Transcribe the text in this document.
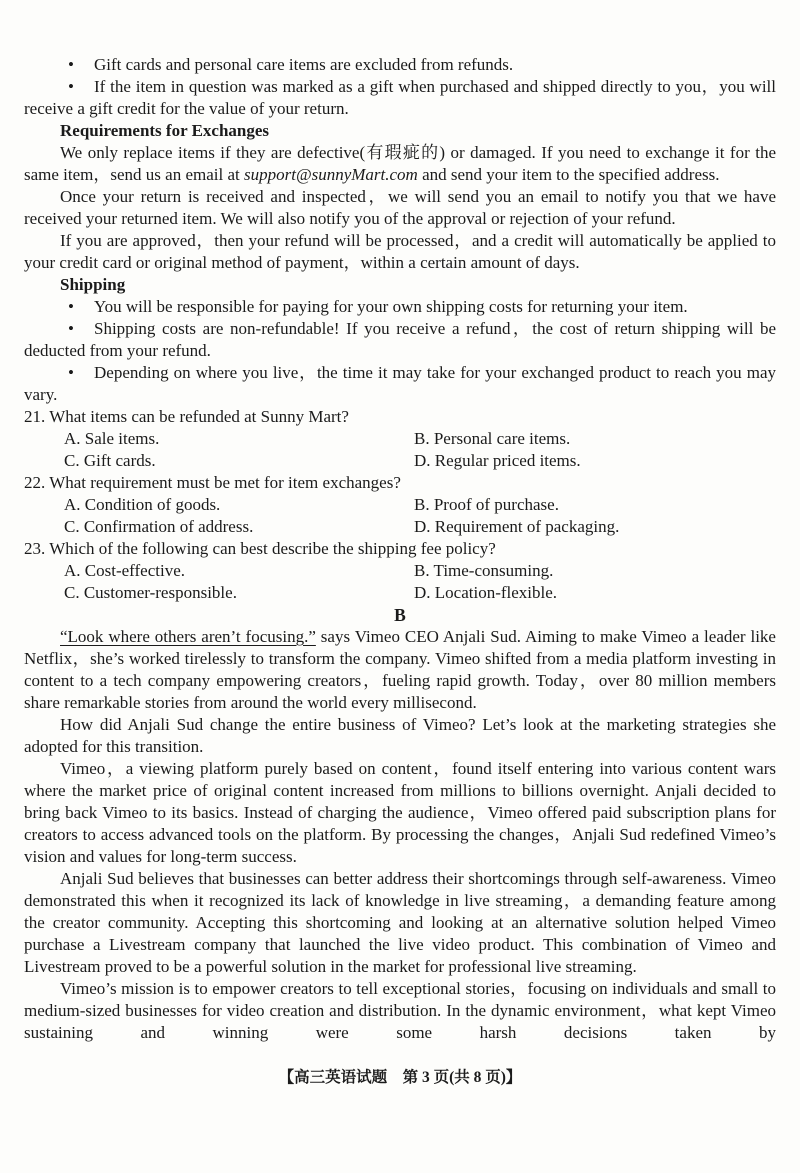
• Gift cards and personal care items are excluded from refunds.

• If the item in question was marked as a gift when purchased and shipped directly to you，you will receive a gift credit for the value of your return.

Requirements for Exchanges

We only replace items if they are defective(有瑕疵的) or damaged. If you need to exchange it for the same item，send us an email at support@sunnyMart.com and send your item to the specified address.

Once your return is received and inspected，we will send you an email to notify you that we have received your returned item. We will also notify you of the approval or rejection of your refund.

If you are approved，then your refund will be processed，and a credit will automatically be applied to your credit card or original method of payment，within a certain amount of days.

Shipping

• You will be responsible for paying for your own shipping costs for returning your item.

• Shipping costs are non-refundable! If you receive a refund，the cost of return shipping will be deducted from your refund.

• Depending on where you live，the time it may take for your exchanged product to reach you may vary.

21. What items can be refunded at Sunny Mart?

A. Sale items.	B. Personal care items.
C. Gift cards.	D. Regular priced items.

22. What requirement must be met for item exchanges?

A. Condition of goods.	B. Proof of purchase.
C. Confirmation of address.	D. Requirement of packaging.

23. Which of the following can best describe the shipping fee policy?

A. Cost-effective.	B. Time-consuming.
C. Customer-responsible.	D. Location-flexible.

B

“Look where others aren’t focusing.” says Vimeo CEO Anjali Sud. Aiming to make Vimeo a leader like Netflix，she’s worked tirelessly to transform the company. Vimeo shifted from a media platform investing in content to a tech company empowering creators，fueling rapid growth. Today，over 80 million members share remarkable stories from around the world every millisecond.

How did Anjali Sud change the entire business of Vimeo? Let’s look at the marketing strategies she adopted for this transition.

Vimeo，a viewing platform purely based on content，found itself entering into various content wars where the market price of original content increased from millions to billions overnight. Anjali decided to bring back Vimeo to its basics. Instead of charging the audience，Vimeo offered paid subscription plans for creators to access advanced tools on the platform. By processing the changes，Anjali Sud redefined Vimeo’s vision and values for long-term success.

Anjali Sud believes that businesses can better address their shortcomings through self-awareness. Vimeo demonstrated this when it recognized its lack of knowledge in live streaming，a demanding feature among the creator community. Accepting this shortcoming and looking at an alternative solution helped Vimeo purchase a Livestream company that launched the live video product. This combination of Vimeo and Livestream proved to be a powerful solution in the market for professional live streaming.

Vimeo’s mission is to empower creators to tell exceptional stories，focusing on individuals and small to medium-sized businesses for video creation and distribution. In the dynamic environment，what kept Vimeo sustaining and winning were some harsh decisions taken by

【高三英语试题　第 3 页(共 8 页)】
